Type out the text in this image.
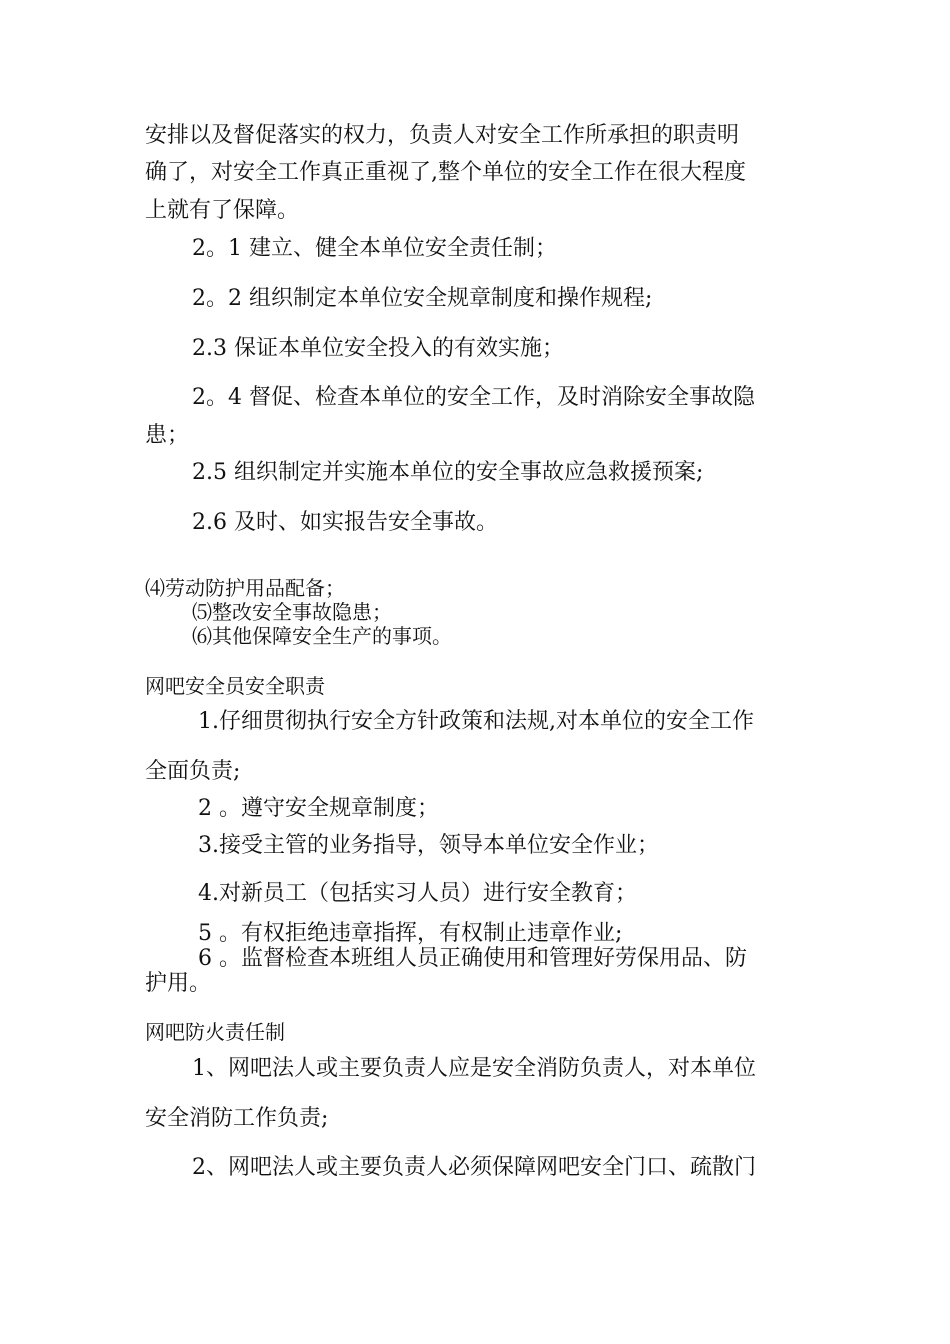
安排以及督促落实的权力，负责人对安全工作所承担的职责明
确了，对安全工作真正重视了,整个单位的安全工作在很大程度
上就有了保障。
2。1 建立、健全本单位安全责任制；
2。2 组织制定本单位安全规章制度和操作规程;
2.3 保证本单位安全投入的有效实施；
2。4 督促、检查本单位的安全工作，及时消除安全事故隐
患；
2.5 组织制定并实施本单位的安全事故应急救援预案;
2.6 及时、如实报告安全事故。
⑷劳动防护用品配备；
⑸整改安全事故隐患；
⑹其他保障安全生产的事项。
网吧安全员安全职责
1.仔细贯彻执行安全方针政策和法规,对本单位的安全工作
全面负责;
2 。遵守安全规章制度；
3.接受主管的业务指导，领导本单位安全作业；
4.对新员工（包括实习人员）进行安全教育；
5 。有权拒绝违章指挥，有权制止违章作业;
6 。监督检查本班组人员正确使用和管理好劳保用品、防
护用。
网吧防火责任制
1、网吧法人或主要负责人应是安全消防负责人，对本单位
安全消防工作负责;
2、网吧法人或主要负责人必须保障网吧安全门口、疏散门
